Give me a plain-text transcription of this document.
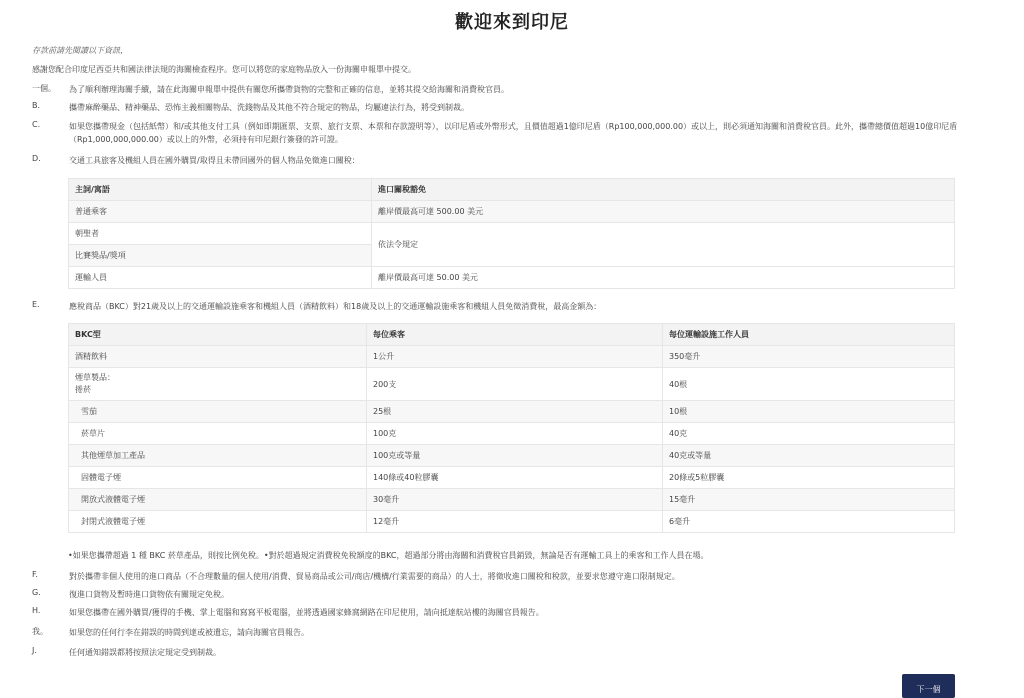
歡迎來到印尼
存款前請先閱讀以下資訊，
感謝您配合印度尼西亞共和國法律法規的海關檢查程序。您可以將您的家庭物品放入一份海關申報單中提交。
一個。 為了順利辦理海關手續，請在此海關申報單中提供有關您所攜帶貨物的完整和正確的信息，並將其提交給海關和消費稅官員。
B.	攜帶麻醉藥品、精神藥品、恐怖主義相關物品、洗錢物品及其他不符合規定的物品，均屬違法行為，將受到制裁。
C.	如果您攜帶現金（包括紙幣）和/或其他支付工具（例如即期匯票、支票、旅行支票、本票和存款證明等），以印尼盾或外幣形式，且價值超過1億印尼盾（Rp100,000,000.00）或以上，則必須通知海關和消費稅官員。此外，攜帶總價值超過10億印尼盾（Rp1,000,000,000.00）或以上的外幣，必須持有印尼銀行簽發的許可證。
D.	交通工具旅客及機組人員在國外購買/取得且未帶回國外的個人物品免徵進口關稅：
主詞/寓語	進口關稅豁免
普通乘客	離岸價最高可達 500.00 美元
朝聖者	依法令規定
比賽獎品/獎項	
運輸人員	離岸價最高可達 50.00 美元
E.	應稅商品（BKC）對21歲及以上的交通運輸設施乘客和機組人員（酒精飲料）和18歲及以上的交通運輸設施乘客和機組人員免徵消費稅，最高金額為：
BKC型	每位乘客	每位運輸設施工作人員
酒精飲料	1公升	350毫升
煙草製品：
捲菸	200支	40根
雪茄	25根	10根
菸草片	100克	40克
其他煙草加工產品	100克或等量	40克或等量
固體電子煙	140條或40粒膠囊	20條或5粒膠囊
開放式液體電子煙	30毫升	15毫升
封閉式液體電子煙	12毫升	6毫升
•如果您攜帶超過 1 種 BKC 菸草產品，則按比例免稅。•對於超過規定消費稅免稅額度的BKC，超過部分將由海關和消費稅官員銷毀，無論是否有運輸工具上的乘客和工作人員在場。
F.	對於攜帶非個人使用的進口商品（不合理數量的個人使用/消費、貿易商品或公司/商店/機構/行業需要的商品）的人士，將徵收進口關稅和稅款，並要求您遵守進口限制規定。
G.	復進口貨物及暫時進口貨物依有關規定免稅。
H.	如果您攜帶在國外購買/獲得的手機、掌上電腦和寫寫平板電腦，並將透過國家蜂窩網路在印尼使用，請向抵達航站樓的海關官員報告。
我。	如果您的任何行李在錯誤的時間到達或被遺忘，請向海關官員報告。
J.	任何通知錯誤都將按照法定規定受到制裁。
下一個
